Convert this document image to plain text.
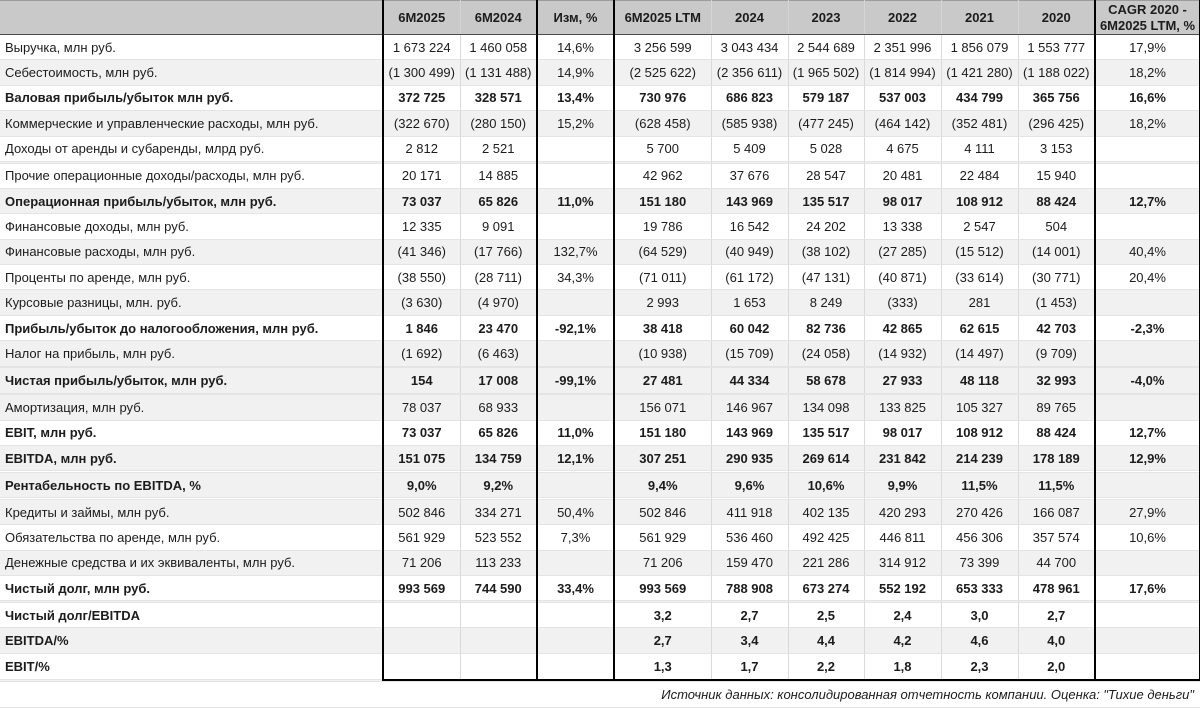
	6М2025	6М2024	Изм, %	6М2025 LTM	2024	2023	2022	2021	2020	CAGR 2020 - 6М2025 LTM, %
Выручка, млн руб.	1 673 224	1 460 058	14,6%	3 256 599	3 043 434	2 544 689	2 351 996	1 856 079	1 553 777	17,9%
Себестоимость, млн руб.	(1 300 499)	(1 131 488)	14,9%	(2 525 622)	(2 356 611)	(1 965 502)	(1 814 994)	(1 421 280)	(1 188 022)	18,2%
Валовая прибыль/убыток млн руб.	372 725	328 571	13,4%	730 976	686 823	579 187	537 003	434 799	365 756	16,6%
Коммерческие и управленческие расходы, млн руб.	(322 670)	(280 150)	15,2%	(628 458)	(585 938)	(477 245)	(464 142)	(352 481)	(296 425)	18,2%
Доходы от аренды и субаренды, млрд руб.	2 812	2 521		5 700	5 409	5 028	4 675	4 111	3 153	

Прочие операционные доходы/расходы, млн руб.	20 171	14 885		42 962	37 676	28 547	20 481	22 484	15 940	
Операционная прибыль/убыток, млн руб.	73 037	65 826	11,0%	151 180	143 969	135 517	98 017	108 912	88 424	12,7%
Финансовые доходы, млн руб.	12 335	9 091		19 786	16 542	24 202	13 338	2 547	504	
Финансовые расходы, млн руб.	(41 346)	(17 766)	132,7%	(64 529)	(40 949)	(38 102)	(27 285)	(15 512)	(14 001)	40,4%
Проценты по аренде, млн руб.	(38 550)	(28 711)	34,3%	(71 011)	(61 172)	(47 131)	(40 871)	(33 614)	(30 771)	20,4%
Курсовые разницы, млн. руб.	(3 630)	(4 970)		2 993	1 653	8 249	(333)	281	(1 453)	
Прибыль/убыток до налогообложения, млн руб.	1 846	23 470	-92,1%	38 418	60 042	82 736	42 865	62 615	42 703	-2,3%
Налог на прибыль, млн руб.	(1 692)	(6 463)		(10 938)	(15 709)	(24 058)	(14 932)	(14 497)	(9 709)	

Чистая прибыль/убыток, млн руб.	154	17 008	-99,1%	27 481	44 334	58 678	27 933	48 118	32 993	-4,0%

Амортизация, млн руб.	78 037	68 933		156 071	146 967	134 098	133 825	105 327	89 765	
EBIT, млн руб.	73 037	65 826	11,0%	151 180	143 969	135 517	98 017	108 912	88 424	12,7%
EBITDA, млн руб.	151 075	134 759	12,1%	307 251	290 935	269 614	231 842	214 239	178 189	12,9%

Рентабельность по EBITDA, %	9,0%	9,2%		9,4%	9,6%	10,6%	9,9%	11,5%	11,5%	

Кредиты и займы, млн руб.	502 846	334 271	50,4%	502 846	411 918	402 135	420 293	270 426	166 087	27,9%
Обязательства по аренде, млн руб.	561 929	523 552	7,3%	561 929	536 460	492 425	446 811	456 306	357 574	10,6%
Денежные средства и их эквиваленты, млн руб.	71 206	113 233		71 206	159 470	221 286	314 912	73 399	44 700	
Чистый долг, млн руб.	993 569	744 590	33,4%	993 569	788 908	673 274	552 192	653 333	478 961	17,6%

Чистый долг/EBITDA				3,2	2,7	2,5	2,4	3,0	2,7	
EBITDA/%				2,7	3,4	4,4	4,2	4,6	4,0	
EBIT/%				1,3	1,7	2,2	1,8	2,3	2,0	

Источник данных: консолидированная отчетность компании. Оценка: "Тихие деньги"										
